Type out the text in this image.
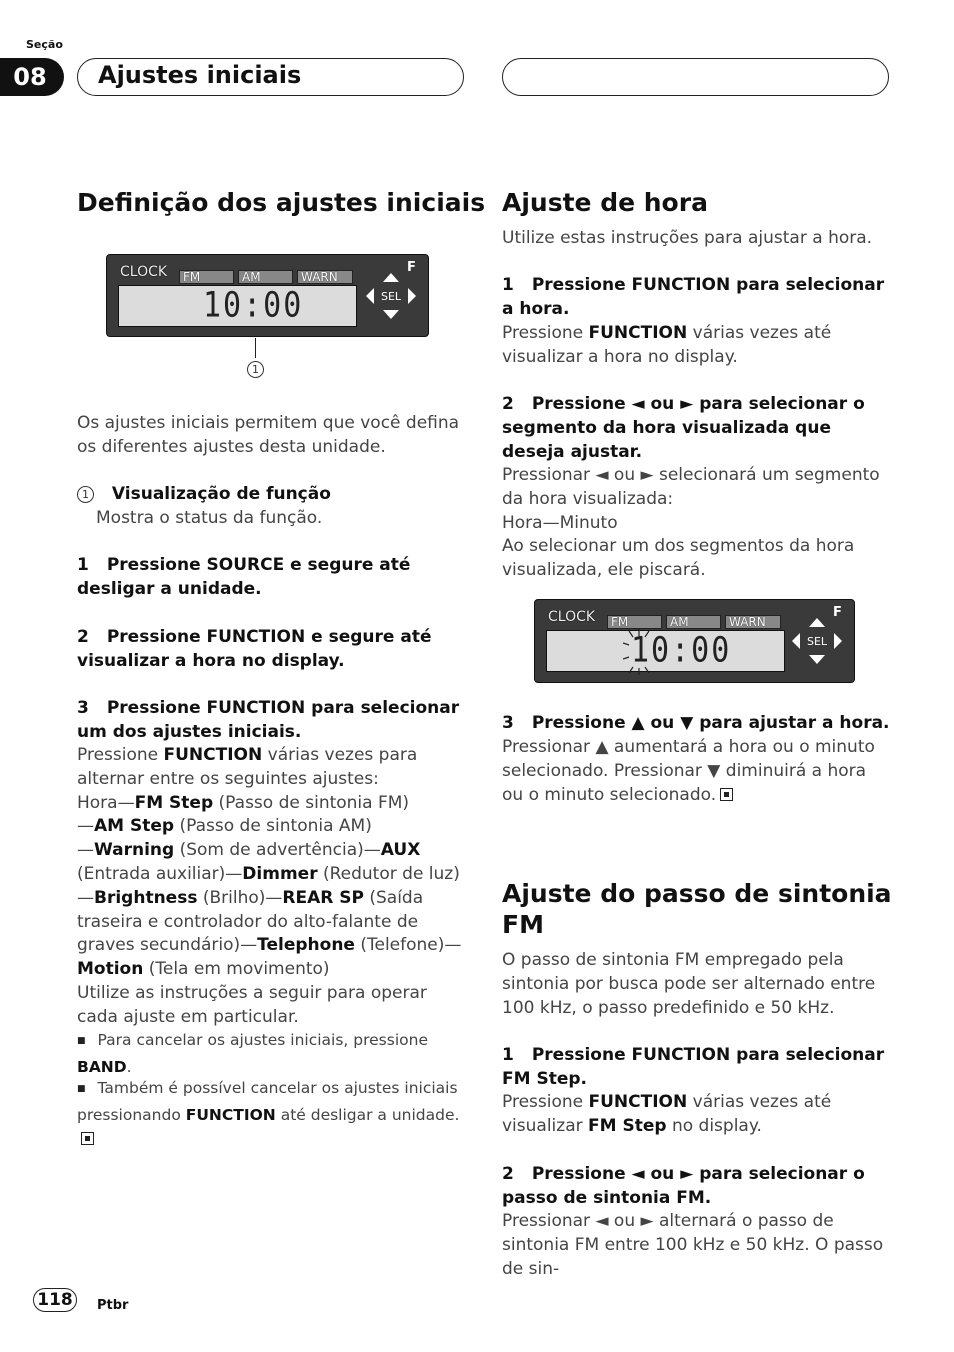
Seção
08	Ajustes iniciais
Definição dos ajustes iniciais
CLOCK	FM	AM	WARN
10:00
F
SEL
1
Os ajustes iniciais permitem que você defina os diferentes ajustes desta unidade.
1 Visualização de função
Mostra o status da função.
1 Pressione SOURCE e segure até desligar a unidade.
2 Pressione FUNCTION e segure até visualizar a hora no display.
3 Pressione FUNCTION para selecionar um dos ajustes iniciais.
Pressione FUNCTION várias vezes para alternar entre os seguintes ajustes:
Hora—FM Step (Passo de sintonia FM)
—AM Step (Passo de sintonia AM)
—Warning (Som de advertência)—AUX (Entrada auxiliar)—Dimmer (Redutor de luz)
—Brightness (Brilho)—REAR SP (Saída traseira e controlador do alto-falante de graves secundário)—Telephone (Telefone)—Motion (Tela em movimento)
Utilize as instruções a seguir para operar cada ajuste em particular.
■ Para cancelar os ajustes iniciais, pressione BAND.
■ Também é possível cancelar os ajustes iniciais pressionando FUNCTION até desligar a unidade.
Ajuste de hora
Utilize estas instruções para ajustar a hora.
1 Pressione FUNCTION para selecionar a hora.
Pressione FUNCTION várias vezes até visualizar a hora no display.
2 Pressione ◄ ou ► para selecionar o segmento da hora visualizada que deseja ajustar.
Pressionar ◄ ou ► selecionará um segmento da hora visualizada:
Hora—Minuto
Ao selecionar um dos segmentos da hora visualizada, ele piscará.
CLOCK	FM	AM	WARN
10:00
F
SEL
3 Pressione ▲ ou ▼ para ajustar a hora.
Pressionar ▲ aumentará a hora ou o minuto selecionado. Pressionar ▼ diminuirá a hora ou o minuto selecionado.
Ajuste do passo de sintonia FM
O passo de sintonia FM empregado pela sintonia por busca pode ser alternado entre 100 kHz, o passo predefinido e 50 kHz.
1 Pressione FUNCTION para selecionar FM Step.
Pressione FUNCTION várias vezes até visualizar FM Step no display.
2 Pressione ◄ ou ► para selecionar o passo de sintonia FM.
Pressionar ◄ ou ► alternará o passo de sintonia FM entre 100 kHz e 50 kHz. O passo de sin-
118	Ptbr
